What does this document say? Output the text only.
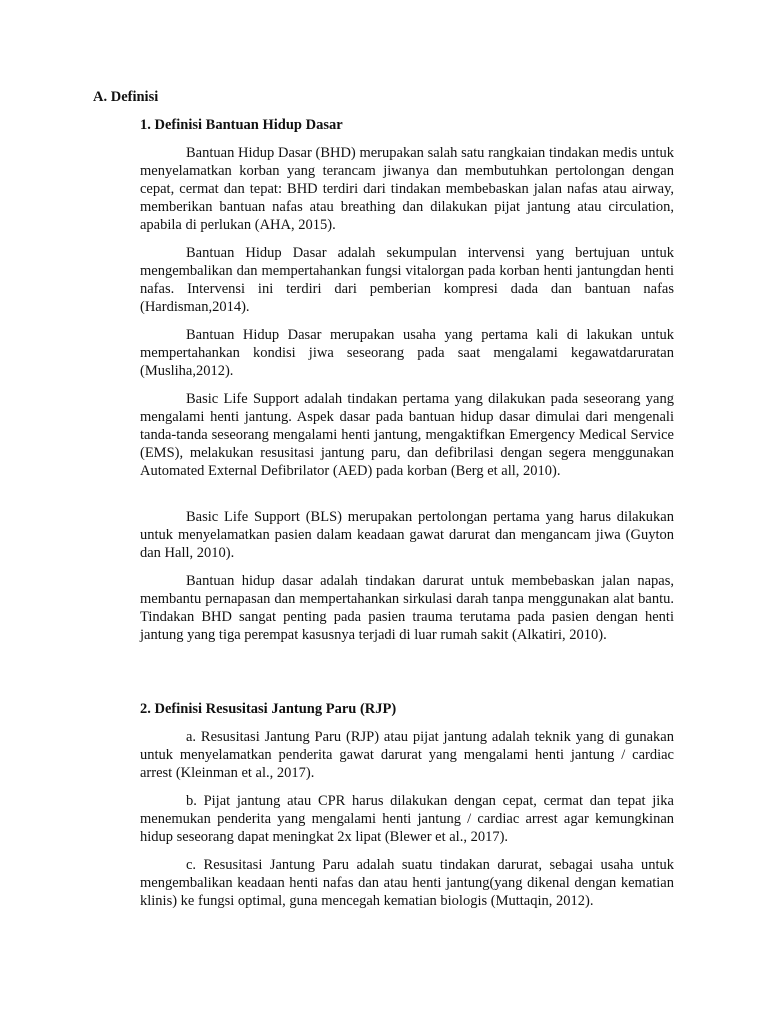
A. Definisi
1. Definisi Bantuan Hidup Dasar

Bantuan Hidup Dasar (BHD) merupakan salah satu rangkaian tindakan medis untuk menyelamatkan korban yang terancam jiwanya dan membutuhkan pertolongan dengan cepat, cermat dan tepat: BHD terdiri dari tindakan membebaskan jalan nafas atau airway, memberikan bantuan nafas atau breathing dan dilakukan pijat jantung atau circulation, apabila di perlukan (AHA, 2015).

Bantuan Hidup Dasar adalah sekumpulan intervensi yang bertujuan untuk mengembalikan dan mempertahankan fungsi vitalorgan pada korban henti jantungdan henti nafas. Intervensi ini terdiri dari pemberian kompresi dada dan bantuan nafas (Hardisman,2014).

Bantuan Hidup Dasar merupakan usaha yang pertama kali di lakukan untuk mempertahankan kondisi jiwa seseorang pada saat mengalami kegawatdaruratan (Musliha,2012).

Basic Life Support adalah tindakan pertama yang dilakukan pada seseorang yang mengalami henti jantung. Aspek dasar pada bantuan hidup dasar dimulai dari mengenali tanda-tanda seseorang mengalami henti jantung, mengaktifkan Emergency Medical Service (EMS), melakukan resusitasi jantung paru, dan defibrilasi dengan segera menggunakan Automated External Defibrilator (AED) pada korban (Berg et all, 2010).

Basic Life Support (BLS) merupakan pertolongan pertama yang harus dilakukan untuk menyelamatkan pasien dalam keadaan gawat darurat dan mengancam jiwa (Guyton dan Hall, 2010).

Bantuan hidup dasar adalah tindakan darurat untuk membebaskan jalan napas, membantu pernapasan dan mempertahankan sirkulasi darah tanpa menggunakan alat bantu. Tindakan BHD sangat penting pada pasien trauma terutama pada pasien dengan henti jantung yang tiga perempat kasusnya terjadi di luar rumah sakit (Alkatiri, 2010).

2. Definisi Resusitasi Jantung Paru (RJP)

a. Resusitasi Jantung Paru (RJP) atau pijat jantung adalah teknik yang di gunakan untuk menyelamatkan penderita gawat darurat yang mengalami henti jantung / cardiac arrest (Kleinman et al., 2017).

b. Pijat jantung atau CPR harus dilakukan dengan cepat, cermat dan tepat jika menemukan penderita yang mengalami henti jantung / cardiac arrest agar kemungkinan hidup seseorang dapat meningkat 2x lipat (Blewer et al., 2017).

c. Resusitasi Jantung Paru adalah suatu tindakan darurat, sebagai usaha untuk mengembalikan keadaan henti nafas dan atau henti jantung(yang dikenal dengan kematian klinis) ke fungsi optimal, guna mencegah kematian biologis (Muttaqin, 2012).
